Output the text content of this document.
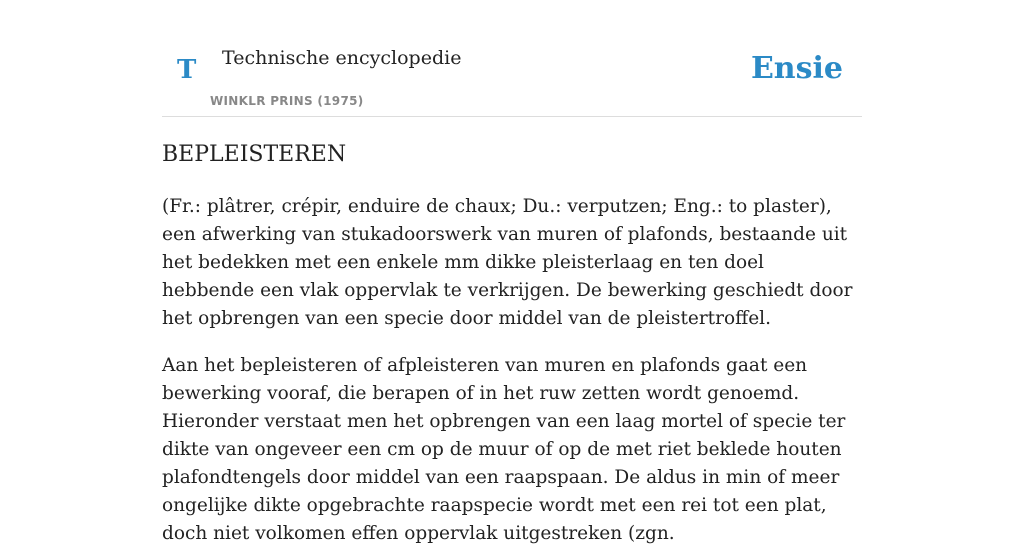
T Technische encyclopedie
WINKLR PRINS (1975)
Ensie
BEPLEISTEREN

(Fr.: plâtrer, crépir, enduire de chaux; Du.: verputzen; Eng.: to plaster), een afwerking van stukadoorswerk van muren of plafonds, bestaande uit het bedekken met een enkele mm dikke pleisterlaag en ten doel hebbende een vlak oppervlak te verkrijgen. De bewerking geschiedt door het opbrengen van een specie door middel van de pleistertroffel.

Aan het bepleisteren of afpleisteren van muren en plafonds gaat een bewerking vooraf, die berapen of in het ruw zetten wordt genoemd. Hieronder verstaat men het opbrengen van een laag mortel of specie ter dikte van ongeveer een cm op de muur of op de met riet beklede houten plafondtengels door middel van een raapspaan. De aldus in min of meer ongelijke dikte opgebrachte raapspecie wordt met een rei tot een plat, doch niet volkomen effen oppervlak uitgestreken (zgn.
